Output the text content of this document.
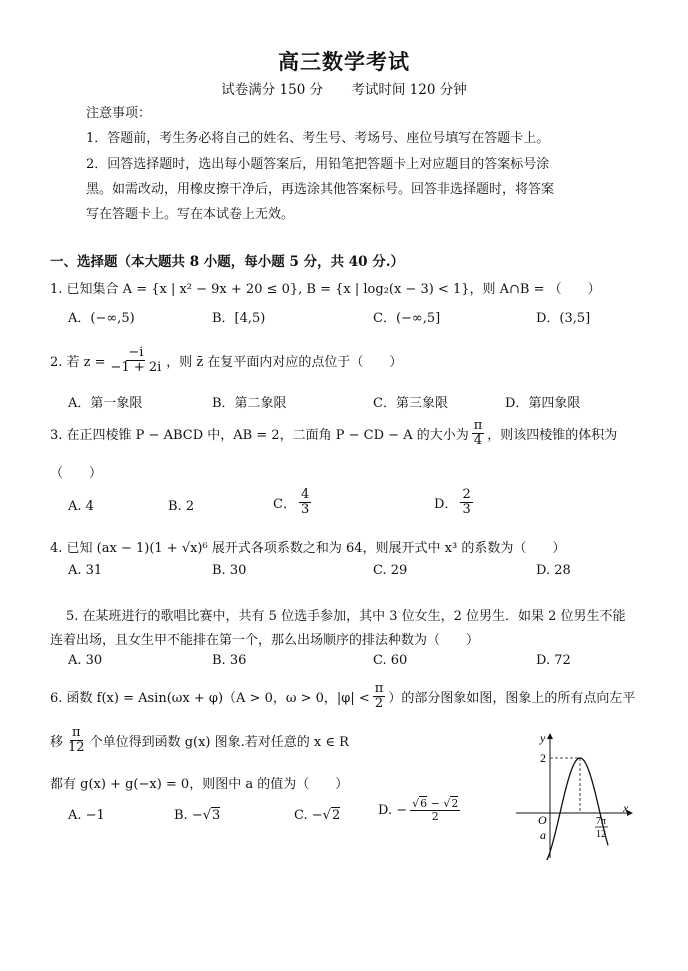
高三数学考试
试卷满分 150 分 考试时间 120 分钟
注意事项：
1．答题前，考生务必将自己的姓名、考生号、考场号、座位号填写在答题卡上。
2．回答选择题时，选出每小题答案后，用铅笔把答题卡上对应题目的答案标号涂
黑。如需改动，用橡皮擦干净后，再选涂其他答案标号。回答非选择题时，将答案
写在答题卡上。写在本试卷上无效。
一、选择题（本大题共 8 小题，每小题 5 分，共 40 分.）
1. 已知集合 A = {x | x² − 9x + 20 ≤ 0}, B = {x | log₂(x − 3) < 1}，则 A∩B = （　　）
A．(−∞,5)	B．[4,5)	C．(−∞,5]	D．(3,5]
2. 若 $z = \frac{-i}{-1 + 2i}$ ，则 z̄ 在复平面内对应的点位于（　　）
A．第一象限	B．第二象限	C．第三象限	D．第四象限
3. 在正四棱锥 P − ABCD 中，AB = 2，二面角 P − CD − A 的大小为 $\frac{\pi}{4}$ ，则该四棱锥的体积为
（　　）
A. 4	B. 2	C． $\frac{4}{3}$	D． $\frac{2}{3}$
4. 已知 (ax − 1)(1 + √x)⁶ 展开式各项系数之和为 64，则展开式中 x³ 的系数为（　　）
A. 31	B. 30	C. 29	D. 28
5. 在某班进行的歌唱比赛中，共有 5 位选手参加，其中 3 位女生，2 位男生．如果 2 位男生不能
连着出场，且女生甲不能排在第一个，那么出场顺序的排法种数为（　　）
A. 30	B. 36	C. 60	D. 72
6. 函数 f(x) = Asin(ωx + φ)（A > 0，ω > 0，$|\varphi| < \frac{\pi}{2}$ ）的部分图象如图，图象上的所有点向左平
移 $\frac{\pi}{12}$ 个单位得到函数 g(x) 图象.若对任意的 x ∈ R
都有 g(x) + g(−x) = 0，则图中 a 的值为（　　）
A. −1	B. −√3	C. −√2	D. − $\frac{√6 - √2}{2}$
y
x
O
2
a
7π
12
